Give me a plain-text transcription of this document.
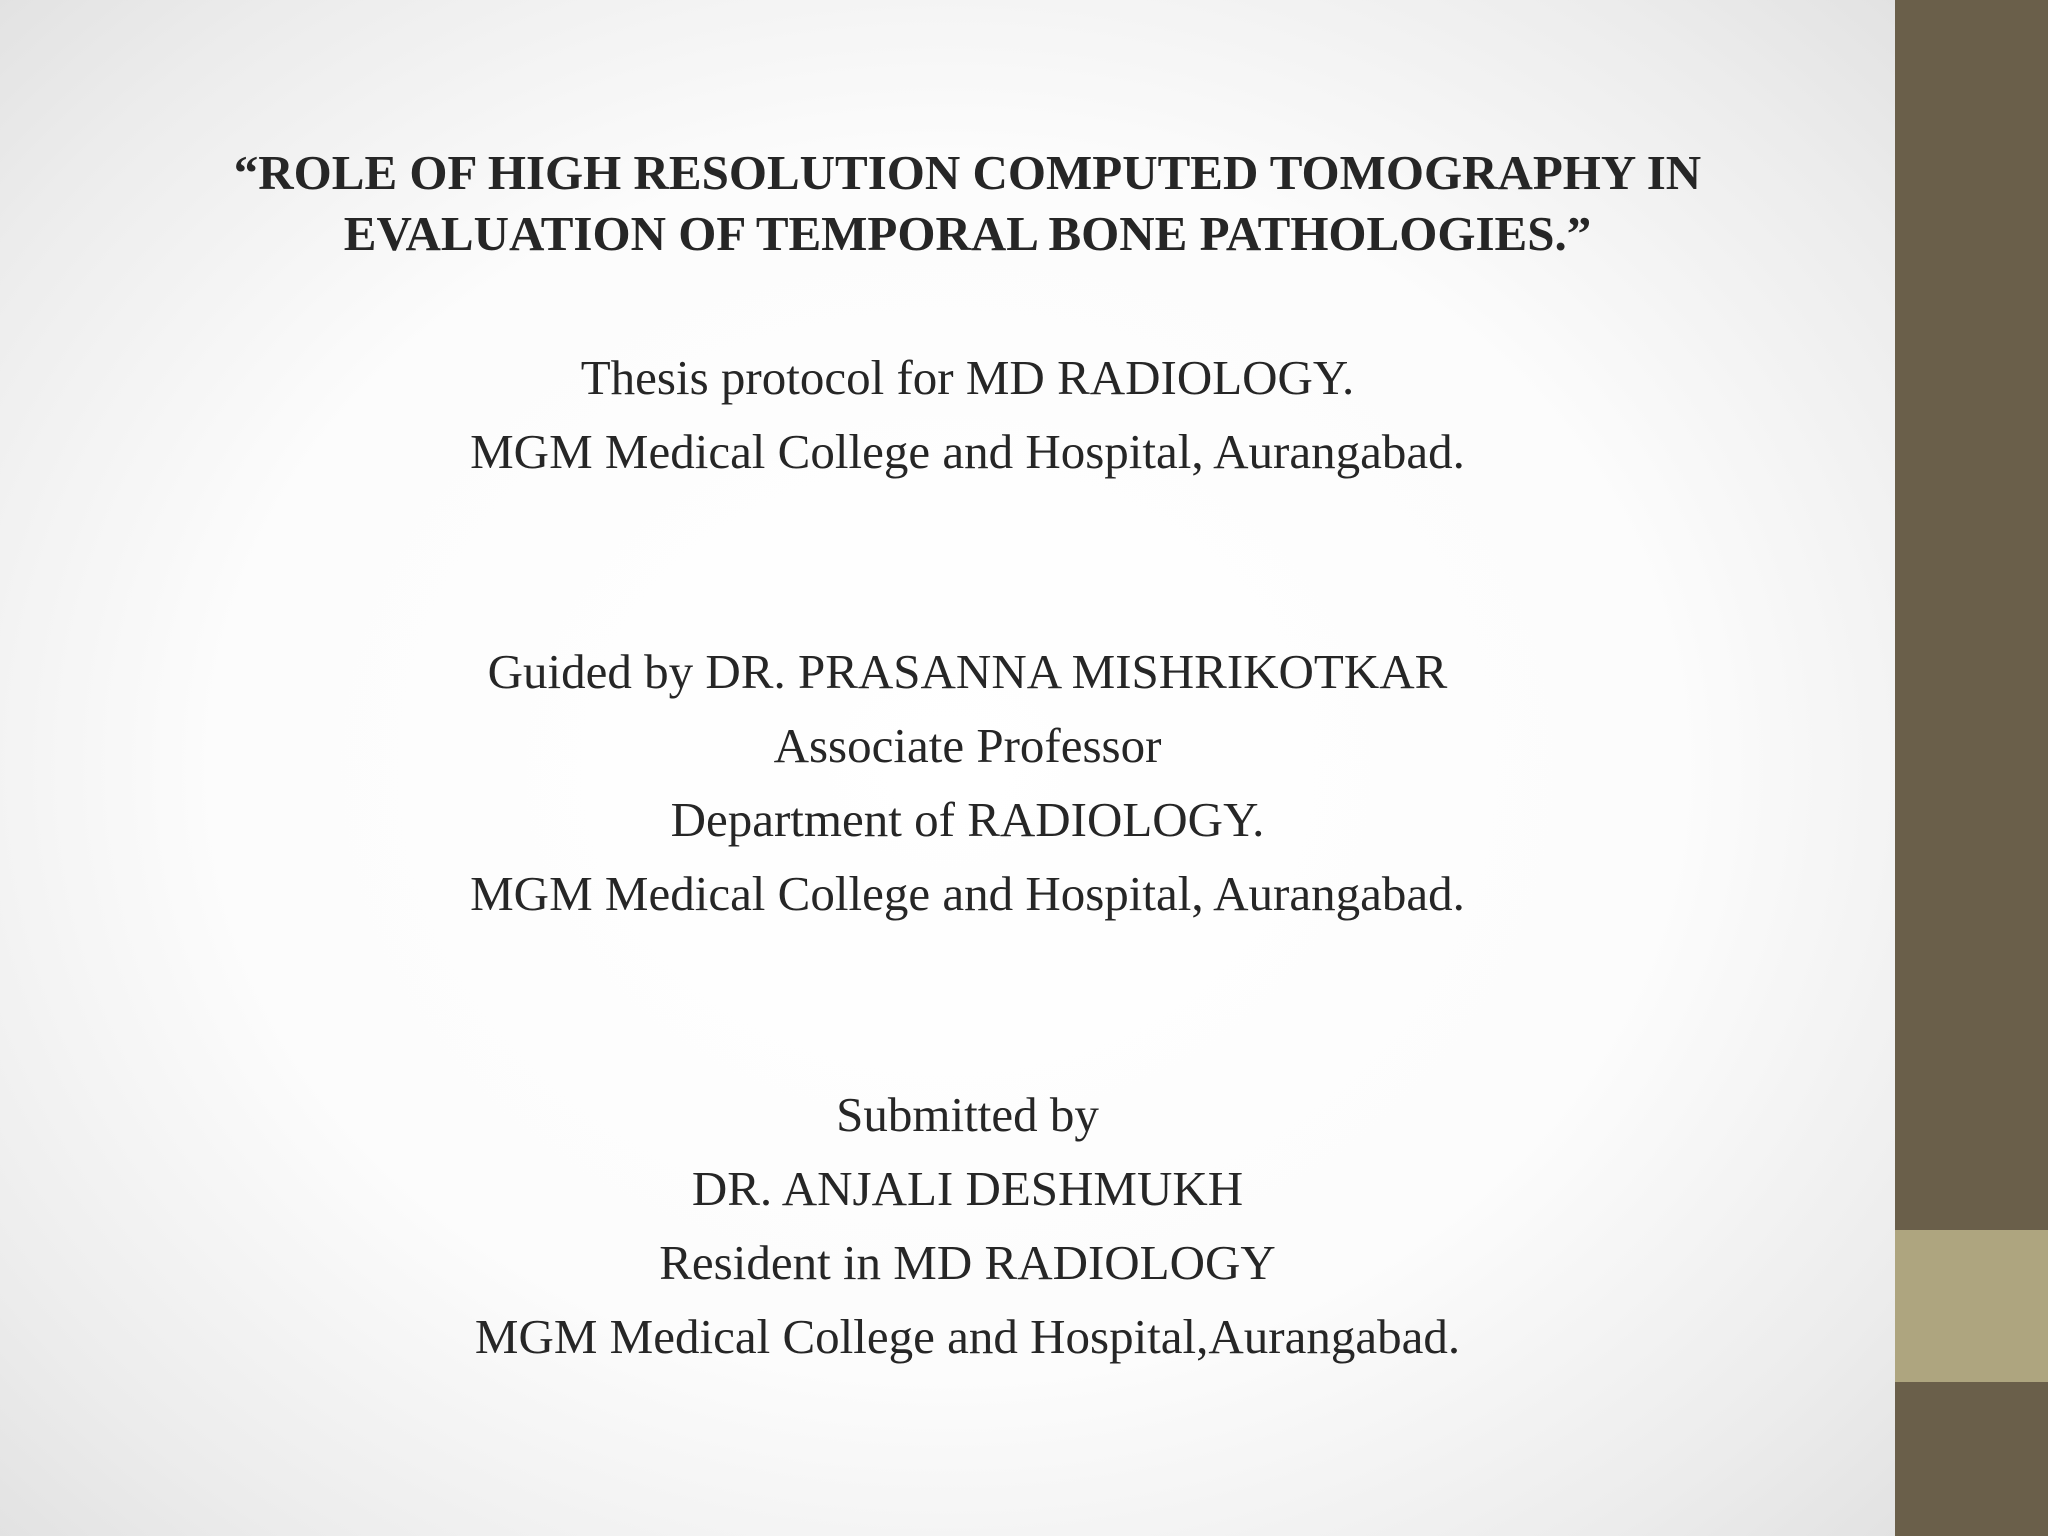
“ROLE OF HIGH RESOLUTION COMPUTED TOMOGRAPHY IN
EVALUATION OF TEMPORAL BONE PATHOLOGIES.”
Thesis protocol for MD RADIOLOGY.
MGM Medical College and Hospital, Aurangabad.
Guided by DR. PRASANNA MISHRIKOTKAR
Associate Professor
Department of RADIOLOGY.
MGM Medical College and Hospital, Aurangabad.
Submitted by
DR. ANJALI DESHMUKH
Resident in MD RADIOLOGY
MGM Medical College and Hospital,Aurangabad.
